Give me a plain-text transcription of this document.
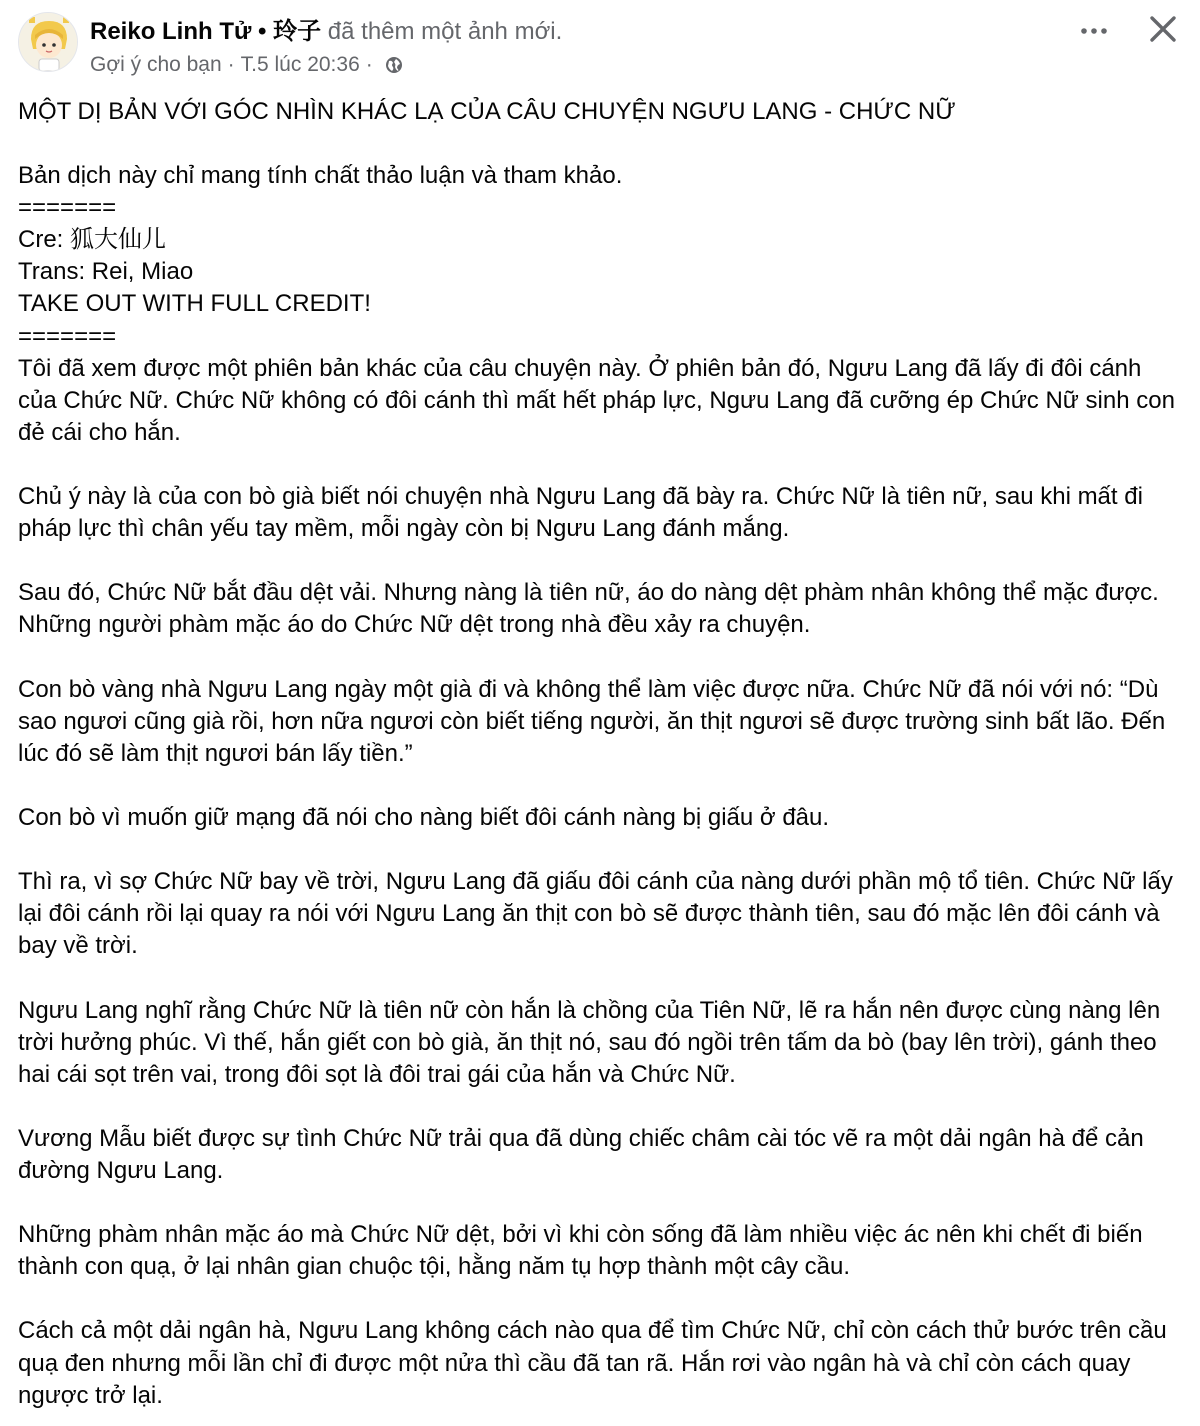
Reiko Linh Tử • 玲子 đã thêm một ảnh mới.
Gợi ý cho bạn · T.5 lúc 20:36 ·

MỘT DỊ BẢN VỚI GÓC NHÌN KHÁC LẠ CỦA CÂU CHUYỆN NGƯU LANG - CHỨC NỮ

Bản dịch này chỉ mang tính chất thảo luận và tham khảo.

=======

Cre: 狐大仙儿

Trans: Rei, Miao

TAKE OUT WITH FULL CREDIT!

=======

Tôi đã xem được một phiên bản khác của câu chuyện này. Ở phiên bản đó, Ngưu Lang đã lấy đi đôi cánh của Chức Nữ. Chức Nữ không có đôi cánh thì mất hết pháp lực, Ngưu Lang đã cưỡng ép Chức Nữ sinh con đẻ cái cho hắn.

Chủ ý này là của con bò già biết nói chuyện nhà Ngưu Lang đã bày ra. Chức Nữ là tiên nữ, sau khi mất đi pháp lực thì chân yếu tay mềm, mỗi ngày còn bị Ngưu Lang đánh mắng.

Sau đó, Chức Nữ bắt đầu dệt vải. Nhưng nàng là tiên nữ, áo do nàng dệt phàm nhân không thể mặc được. Những người phàm mặc áo do Chức Nữ dệt trong nhà đều xảy ra chuyện.

Con bò vàng nhà Ngưu Lang ngày một già đi và không thể làm việc được nữa. Chức Nữ đã nói với nó: “Dù sao ngươi cũng già rồi, hơn nữa ngươi còn biết tiếng người, ăn thịt ngươi sẽ được trường sinh bất lão. Đến lúc đó sẽ làm thịt ngươi bán lấy tiền.”

Con bò vì muốn giữ mạng đã nói cho nàng biết đôi cánh nàng bị giấu ở đâu.

Thì ra, vì sợ Chức Nữ bay về trời, Ngưu Lang đã giấu đôi cánh của nàng dưới phần mộ tổ tiên. Chức Nữ lấy lại đôi cánh rồi lại quay ra nói với Ngưu Lang ăn thịt con bò sẽ được thành tiên, sau đó mặc lên đôi cánh và bay về trời.

Ngưu Lang nghĩ rằng Chức Nữ là tiên nữ còn hắn là chồng của Tiên Nữ, lẽ ra hắn nên được cùng nàng lên trời hưởng phúc. Vì thế, hắn giết con bò già, ăn thịt nó, sau đó ngồi trên tấm da bò (bay lên trời), gánh theo hai cái sọt trên vai, trong đôi sọt là đôi trai gái của hắn và Chức Nữ.

Vương Mẫu biết được sự tình Chức Nữ trải qua đã dùng chiếc châm cài tóc vẽ ra một dải ngân hà để cản đường Ngưu Lang.

Những phàm nhân mặc áo mà Chức Nữ dệt, bởi vì khi còn sống đã làm nhiều việc ác nên khi chết đi biến thành con quạ, ở lại nhân gian chuộc tội, hằng năm tụ hợp thành một cây cầu.

Cách cả một dải ngân hà, Ngưu Lang không cách nào qua để tìm Chức Nữ, chỉ còn cách thử bước trên cầu quạ đen nhưng mỗi lần chỉ đi được một nửa thì cầu đã tan rã. Hắn rơi vào ngân hà và chỉ còn cách quay ngược trở lại.
